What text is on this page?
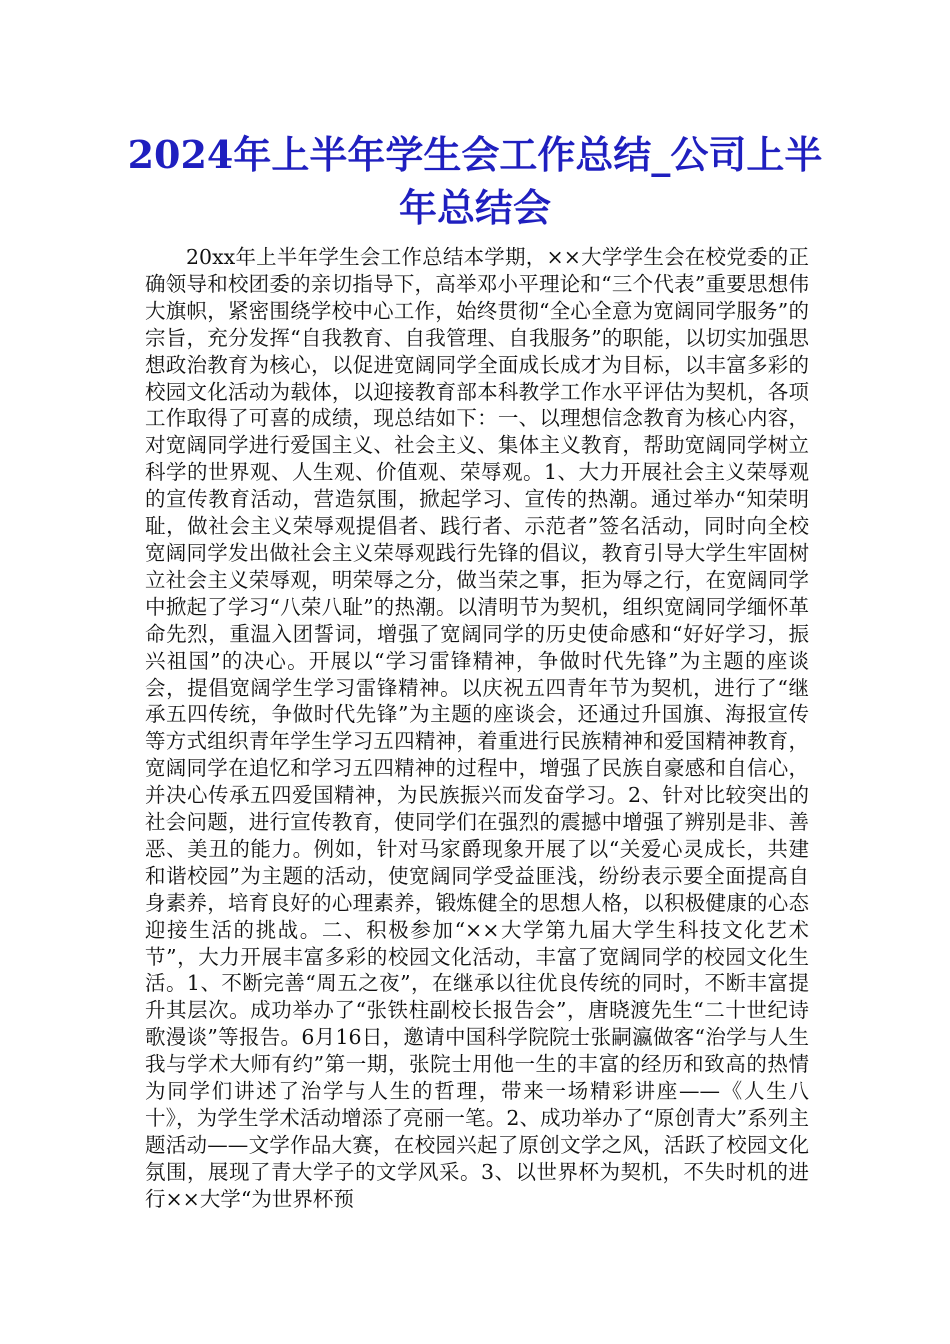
2024年上半年学生会工作总结_公司上半年总结会

20xx年上半年学生会工作总结本学期，××大学学生会在校党委的正确领导和校团委的亲切指导下，高举邓小平理论和“三个代表”重要思想伟大旗帜，紧密围绕学校中心工作，始终贯彻“全心全意为宽阔同学服务”的宗旨，充分发挥“自我教育、自我管理、自我服务”的职能，以切实加强思想政治教育为核心，以促进宽阔同学全面成长成才为目标，以丰富多彩的校园文化活动为载体，以迎接教育部本科教学工作水平评估为契机，各项工作取得了可喜的成绩，现总结如下：一、以理想信念教育为核心内容，对宽阔同学进行爱国主义、社会主义、集体主义教育，帮助宽阔同学树立科学的世界观、人生观、价值观、荣辱观。1、大力开展社会主义荣辱观的宣传教育活动，营造氛围，掀起学习、宣传的热潮。通过举办“知荣明耻，做社会主义荣辱观提倡者、践行者、示范者”签名活动，同时向全校宽阔同学发出做社会主义荣辱观践行先锋的倡议，教育引导大学生牢固树立社会主义荣辱观，明荣辱之分，做当荣之事，拒为辱之行，在宽阔同学中掀起了学习“八荣八耻”的热潮。以清明节为契机，组织宽阔同学缅怀革命先烈，重温入团誓词，增强了宽阔同学的历史使命感和“好好学习，振兴祖国”的决心。开展以“学习雷锋精神，争做时代先锋”为主题的座谈会，提倡宽阔学生学习雷锋精神。以庆祝五四青年节为契机，进行了“继承五四传统，争做时代先锋”为主题的座谈会，还通过升国旗、海报宣传等方式组织青年学生学习五四精神，着重进行民族精神和爱国精神教育，宽阔同学在追忆和学习五四精神的过程中，增强了民族自豪感和自信心，并决心传承五四爱国精神，为民族振兴而发奋学习。2、针对比较突出的社会问题，进行宣传教育，使同学们在强烈的震撼中增强了辨别是非、善恶、美丑的能力。例如，针对马家爵现象开展了以“关爱心灵成长，共建和谐校园”为主题的活动，使宽阔同学受益匪浅，纷纷表示要全面提高自身素养，培育良好的心理素养，锻炼健全的思想人格，以积极健康的心态迎接生活的挑战。二、积极参加“××大学第九届大学生科技文化艺术节”，大力开展丰富多彩的校园文化活动，丰富了宽阔同学的校园文化生活。1、不断完善“周五之夜”，在继承以往优良传统的同时，不断丰富提升其层次。成功举办了“张铁柱副校长报告会”，唐晓渡先生“二十世纪诗歌漫谈”等报告。6月16日，邀请中国科学院院士张嗣瀛做客“治学与人生我与学术大师有约”第一期，张院士用他一生的丰富的经历和致高的热情为同学们讲述了治学与人生的哲理，带来一场精彩讲座——《人生八十》，为学生学术活动增添了亮丽一笔。2、成功举办了“原创青大”系列主题活动——文学作品大赛，在校园兴起了原创文学之风，活跃了校园文化氛围，展现了青大学子的文学风采。3、以世界杯为契机，不失时机的进行××大学“为世界杯预
